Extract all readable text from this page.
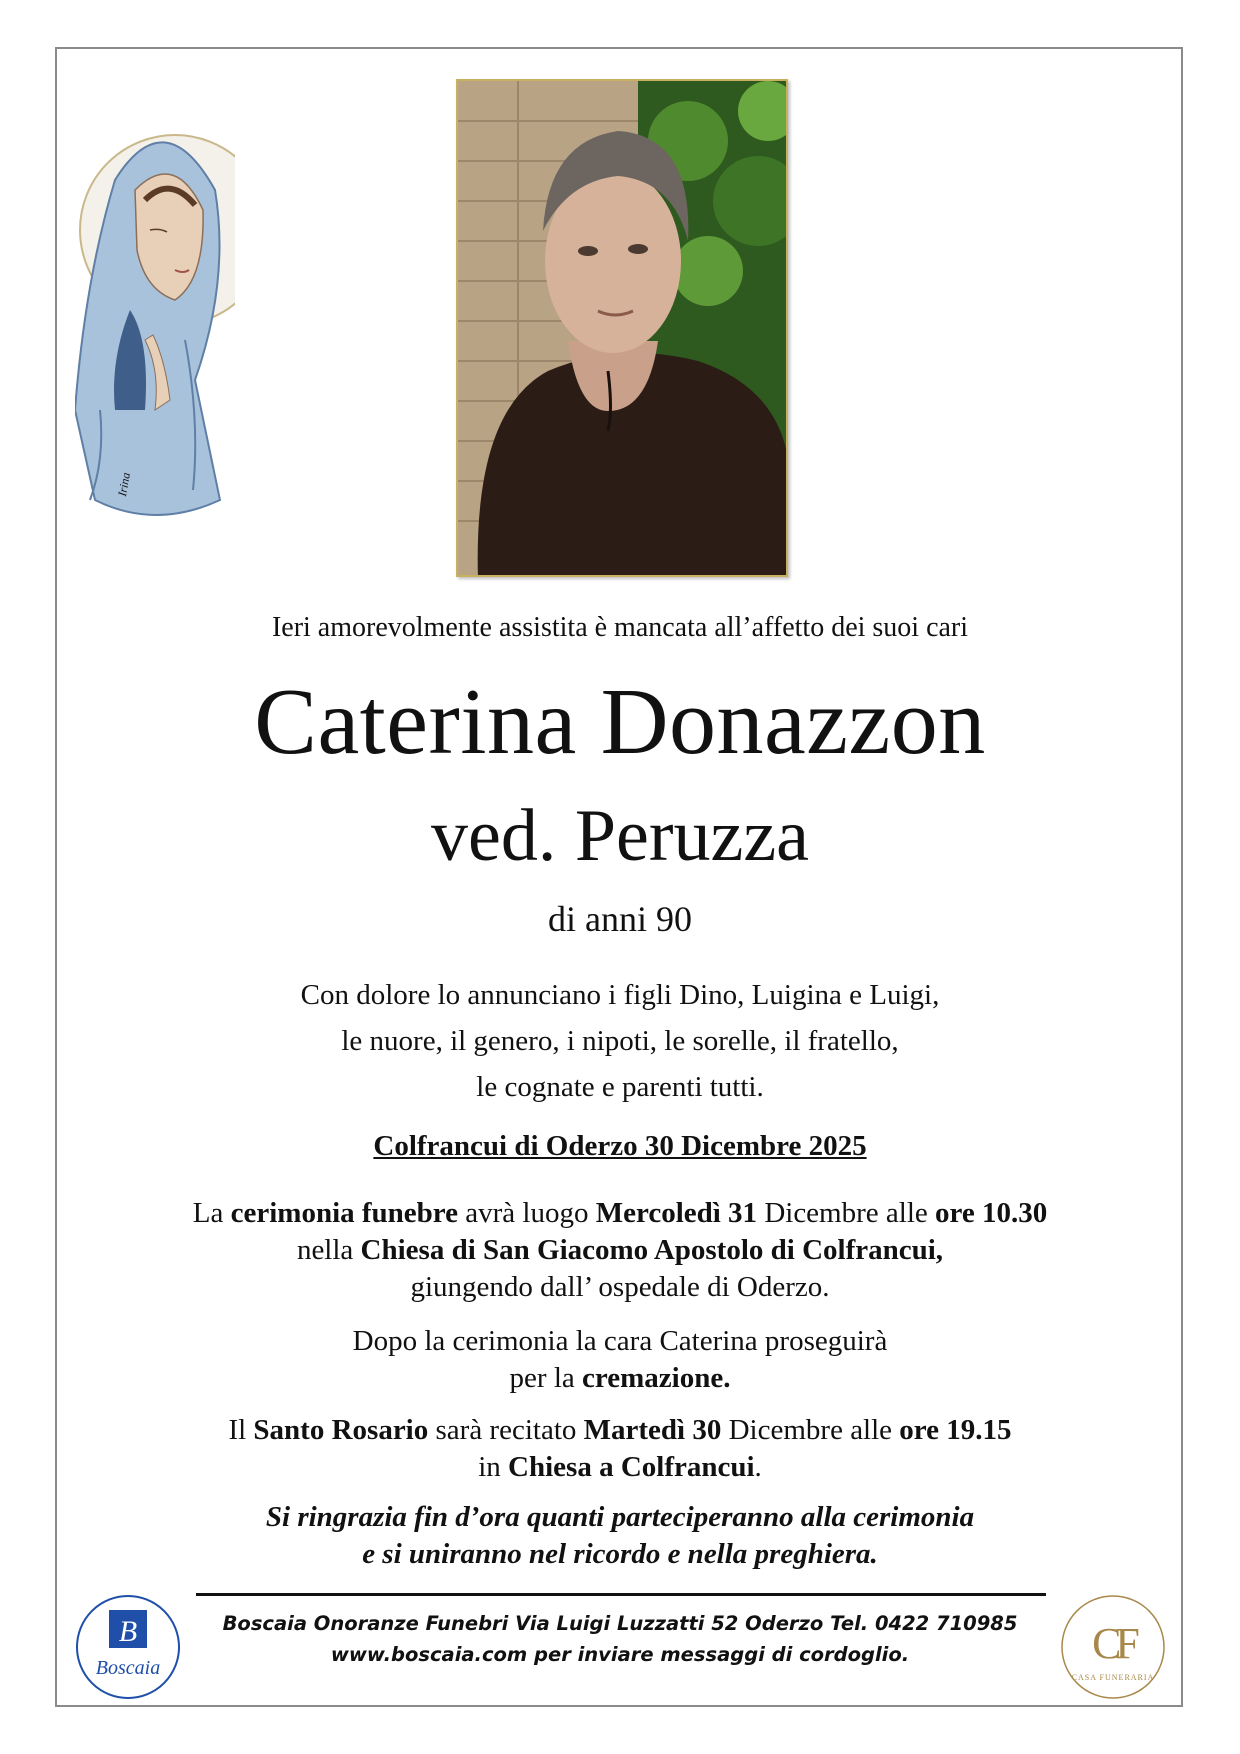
Irina
Ieri amorevolmente assistita è mancata all’affetto dei suoi cari
Caterina Donazzon
ved. Peruzza
di anni 90
Con dolore lo annunciano i figli Dino, Luigina e Luigi,
le nuore, il genero, i nipoti, le sorelle, il fratello,
le cognate e parenti tutti.
Colfrancui di Oderzo 30 Dicembre 2025
La cerimonia funebre avrà luogo Mercoledì 31 Dicembre alle ore 10.30
nella Chiesa di San Giacomo Apostolo di Colfrancui,
giungendo dall’ ospedale di Oderzo.
Dopo la cerimonia la cara Caterina proseguirà
per la cremazione.
Il Santo Rosario sarà recitato Martedì 30 Dicembre alle ore 19.15
in Chiesa a Colfrancui.
Si ringrazia fin d’ora quanti parteciperanno alla cerimonia
e si uniranno nel ricordo e nella preghiera.
Boscaia Onoranze Funebri Via Luigi Luzzatti 52 Oderzo Tel. 0422 710985
www.boscaia.com per inviare messaggi di cordoglio.
B
Boscaia	CF
CASA FUNERARIA
